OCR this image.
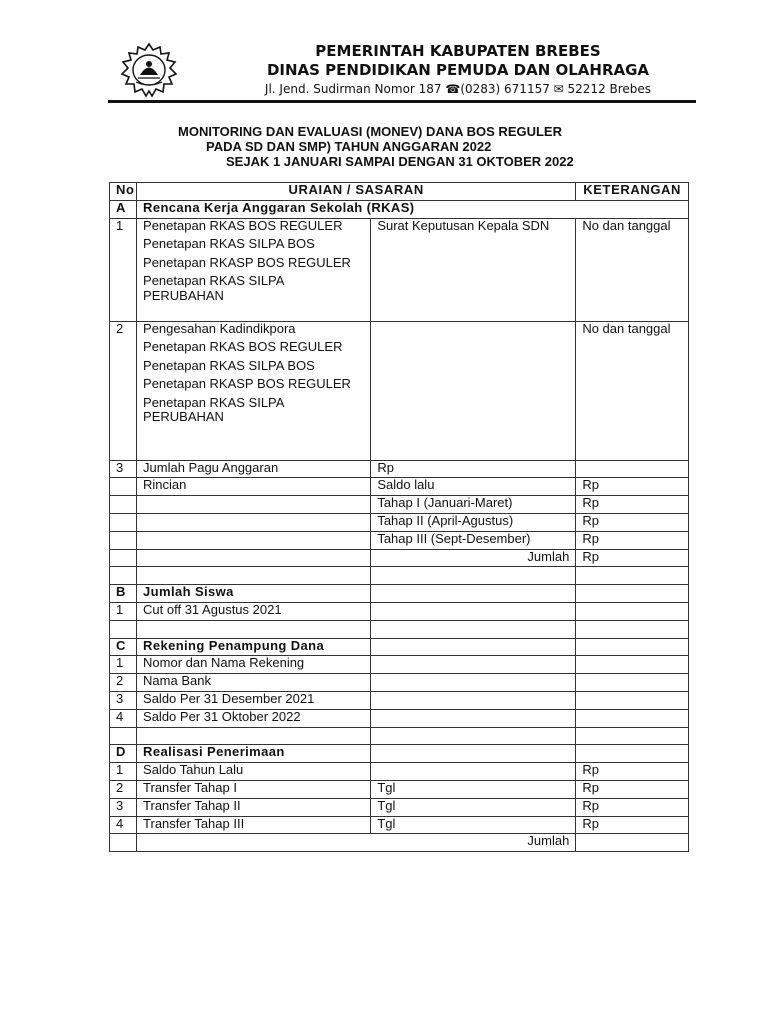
PEMERINTAH KABUPATEN BREBES
DINAS PENDIDIKAN PEMUDA DAN OLAHRAGA
Jl. Jend. Sudirman Nomor 187 ☎(0283) 671157 ✉ 52212 Brebes
MONITORING DAN EVALUASI (MONEV) DANA BOS REGULER
PADA SD DAN SMP) TAHUN ANGGARAN 2022
SEJAK 1 JANUARI SAMPAI DENGAN 31 OKTOBER 2022
No	URAIAN / SASARAN		KETERANGAN
A	Rencana Kerja Anggaran Sekolah (RKAS)		
1	Penetapan RKAS BOS REGULER
Penetapan RKAS SILPA BOS
Penetapan RKASP BOS REGULER
Penetapan RKAS SILPA PERUBAHAN	Surat Keputusan Kepala SDN	No dan tanggal
2	Pengesahan Kadindikpora
Penetapan RKAS BOS REGULER
Penetapan RKAS SILPA BOS
Penetapan RKASP BOS REGULER
Penetapan RKAS SILPA PERUBAHAN		No dan tanggal
3	Jumlah Pagu Anggaran	Rp	
	Rincian	Saldo lalu	Rp
		Tahap I (Januari-Maret)	Rp
		Tahap II (April-Agustus)	Rp
		Tahap III (Sept-Desember)	Rp
		Jumlah	Rp

B	Jumlah Siswa		
1	Cut off 31 Agustus 2021		

C	Rekening Penampung Dana		
1	Nomor dan Nama Rekening		
2	Nama Bank		
3	Saldo Per 31 Desember 2021		
4	Saldo Per 31 Oktober 2022		

D	Realisasi Penerimaan		
1	Saldo Tahun Lalu		Rp
2	Transfer Tahap I	Tgl	Rp
3	Transfer Tahap II	Tgl	Rp
4	Transfer Tahap III	Tgl	Rp
	Jumlah		
